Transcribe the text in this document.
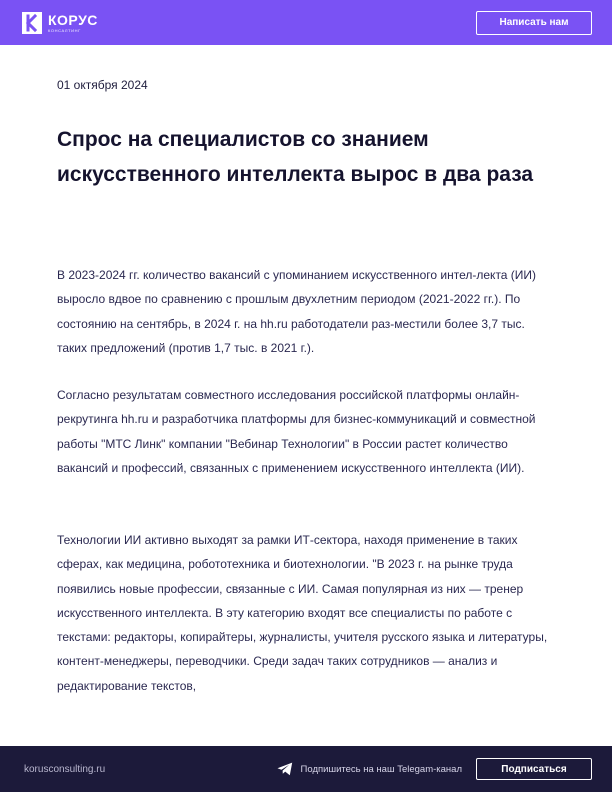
КОРУС
КОНСАЛТИНГ
Написать нам
01 октября 2024
Спрос на специалистов со знанием искусственного интеллекта вырос в два раза

В 2023-2024 гг. количество вакансий с упоминанием искусственного интел-лекта (ИИ) выросло вдвое по сравнению с прошлым двухлетним периодом (2021-2022 гг.). По состоянию на сентябрь, в 2024 г. на hh.ru работодатели раз-местили более 3,7 тыс. таких предложений (против 1,7 тыс. в 2021 г.).

Согласно результатам совместного исследования российской платформы онлайн-рекрутинга hh.ru и разработчика платформы для бизнес-коммуникаций и совместной работы "МТС Линк" компании "Вебинар Технологии" в России растет количество вакансий и профессий, связанных с применением искусственного интеллекта (ИИ).

Технологии ИИ активно выходят за рамки ИТ-сектора, находя применение в таких сферах, как медицина, робототехника и биотехнологии. "В 2023 г. на рынке труда появились новые профессии, связанные с ИИ. Самая популярная из них — тренер искусственного интеллекта. В эту категорию входят все специалисты по работе с текстами: редакторы, копирайтеры, журналисты, учителя русского языка и литературы, контент-менеджеры, переводчики. Среди задач таких сотрудников — анализ и редактирование текстов,

korusconsulting.ru	Подпишитесь на наш Telegam-канал	Подписаться
